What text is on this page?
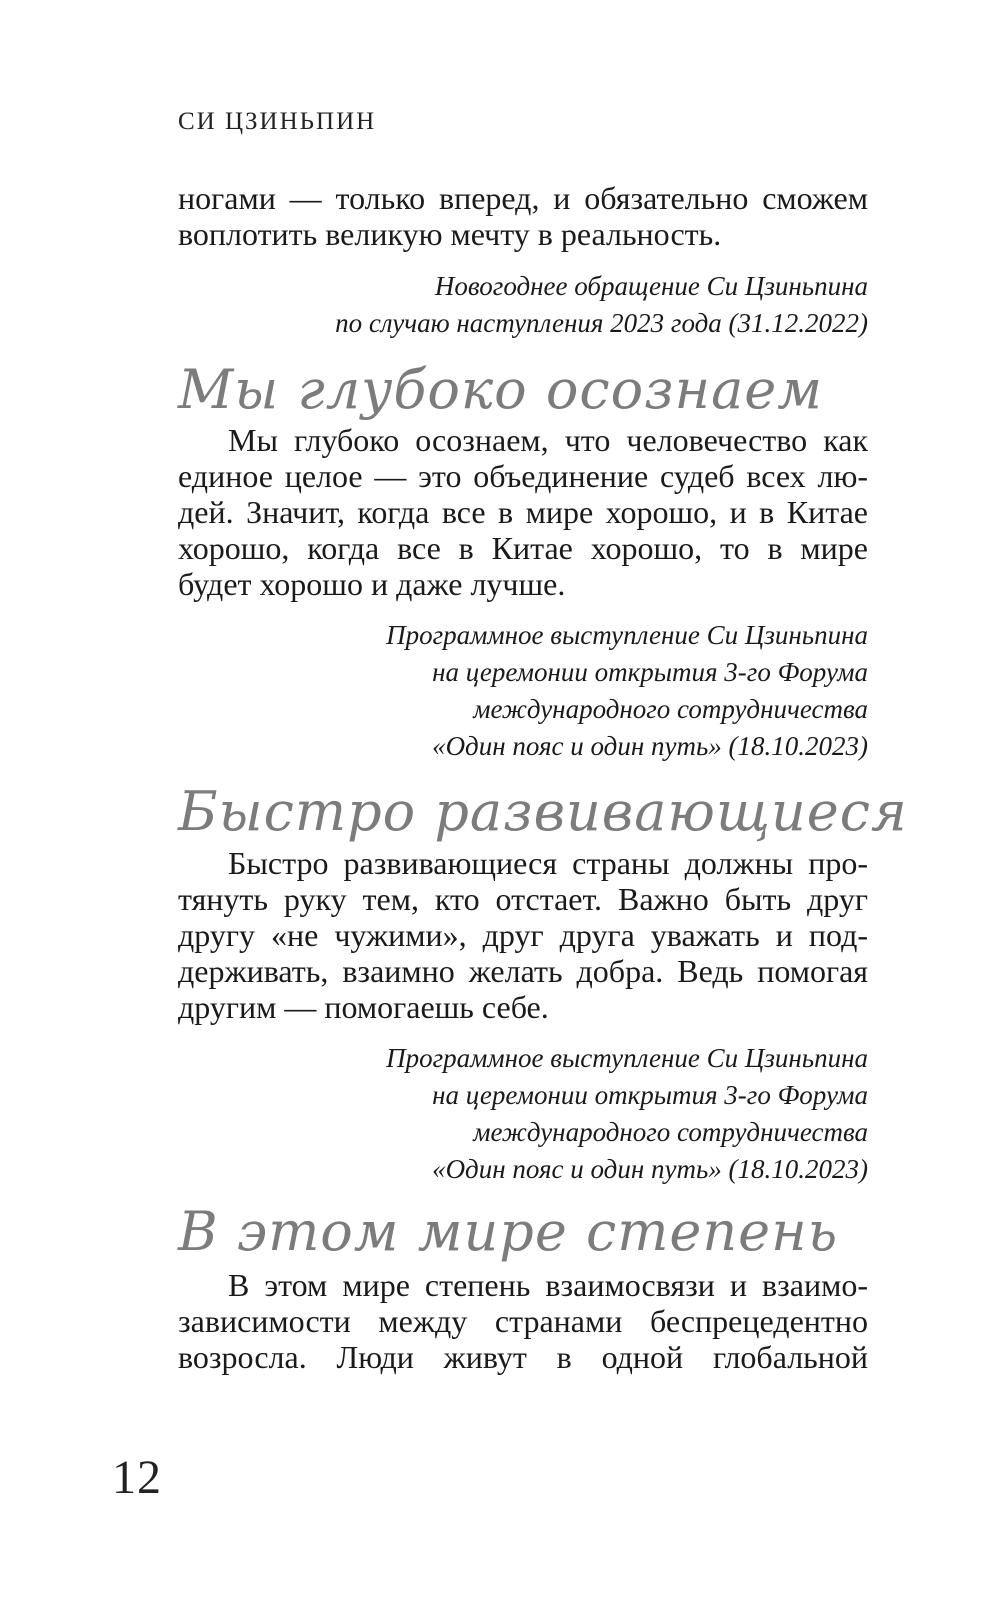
СИ ЦЗИНЬПИН

ногами — только вперед, и обязательно сможем
воплотить великую мечту в реальность.

Новогоднее обращение Си Цзиньпина
по случаю наступления 2023 года (31.12.2022)
Мы глубоко осознаем

Мы глубоко осознаем, что человечество как
единое целое — это объединение судеб всех лю-
дей. Значит, когда все в мире хорошо, и в Китае
хорошо, когда все в Китае хорошо, то в мире
будет хорошо и даже лучше.

Программное выступление Си Цзиньпина
на церемонии открытия 3-го Форума
международного сотрудничества
«Один пояс и один путь» (18.10.2023)
Быстро развивающиеся

Быстро развивающиеся страны должны про-
тянуть руку тем, кто отстает. Важно быть друг
другу «не чужими», друг друга уважать и под-
держивать, взаимно желать добра. Ведь помогая
другим — помогаешь себе.

Программное выступление Си Цзиньпина
на церемонии открытия 3-го Форума
международного сотрудничества
«Один пояс и один путь» (18.10.2023)
В этом мире степень

В этом мире степень взаимосвязи и взаимо-
зависимости между странами беспрецедентно
возросла. Люди живут в одной глобальной

12
